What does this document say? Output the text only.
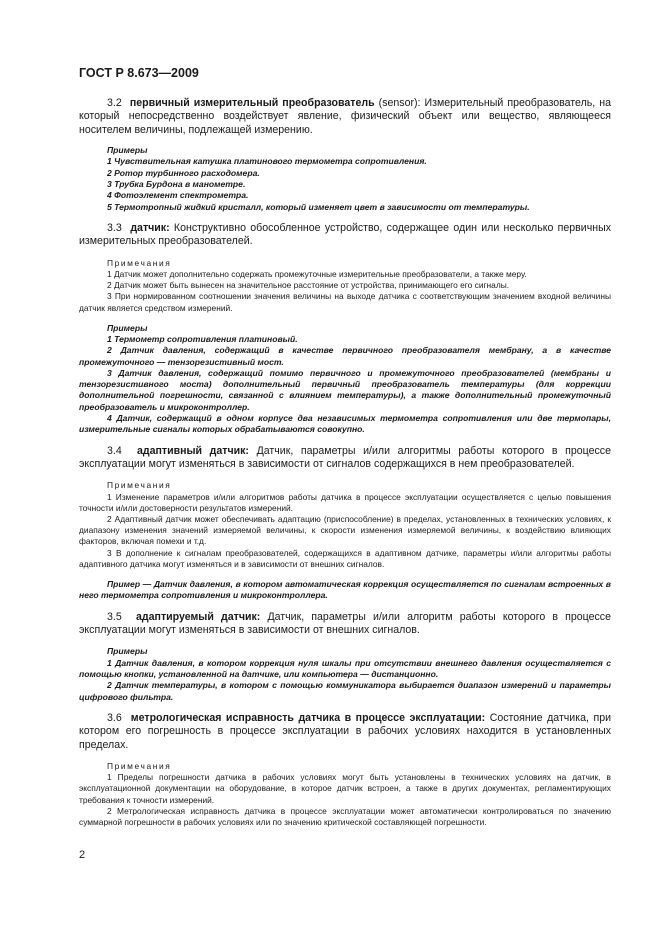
ГОСТ Р 8.673—2009

3.2 первичный измерительный преобразователь (sensor): Измерительный преобразователь, на который непосредственно воздействует явление, физический объект или вещество, являющееся носителем величины, подлежащей измерению.

Примеры

1 Чувствительная катушка платинового термометра сопротивления.

2 Ротор турбинного расходомера.

3 Трубка Бурдона в манометре.

4 Фотоэлемент спектрометра.

5 Термотропный жидкий кристалл, который изменяет цвет в зависимости от температуры.

3.3 датчик: Конструктивно обособленное устройство, содержащее один или несколько первичных измерительных преобразователей.

Примечания

1 Датчик может дополнительно содержать промежуточные измерительные преобразователи, а также меру.

2 Датчик может быть вынесен на значительное расстояние от устройства, принимающего его сигналы.

3 При нормированном соотношении значения величины на выходе датчика с соответствующим значением входной величины датчик является средством измерений.

Примеры

1 Термометр сопротивления платиновый.

2 Датчик давления, содержащий в качестве первичного преобразователя мембрану, а в качестве промежуточного — тензорезистивный мост.

3 Датчик давления, содержащий помимо первичного и промежуточного преобразователей (мембраны и тензорезистивного моста) дополнительный первичный преобразователь температуры (для коррекции дополнительной погрешности, связанной с влиянием температуры), а также дополнительный промежуточный преобразователь и микроконтроллер.

4 Датчик, содержащий в одном корпусе два независимых термометра сопротивления или две термопары, измерительные сигналы которых обрабатываются совокупно.

3.4 адаптивный датчик: Датчик, параметры и/или алгоритмы работы которого в процессе эксплуатации могут изменяться в зависимости от сигналов содержащихся в нем преобразователей.

Примечания

1 Изменение параметров и/или алгоритмов работы датчика в процессе эксплуатации осуществляется с целью повышения точности и/или достоверности результатов измерений.

2 Адаптивный датчик может обеспечивать адаптацию (приспособление) в пределах, установленных в технических условиях, к диапазону изменения значений измеряемой величины, к скорости изменения измеряемой величины, к воздействию влияющих факторов, включая помехи и т.д.

3 В дополнение к сигналам преобразователей, содержащихся в адаптивном датчике, параметры и/или алгоритмы работы адаптивного датчика могут изменяться и в зависимости от внешних сигналов.

Пример — Датчик давления, в котором автоматическая коррекция осуществляется по сигналам встроенных в него термометра сопротивления и микроконтроллера.

3.5 адаптируемый датчик: Датчик, параметры и/или алгоритм работы которого в процессе эксплуатации могут изменяться в зависимости от внешних сигналов.

Примеры

1 Датчик давления, в котором коррекция нуля шкалы при отсутствии внешнего давления осуществляется с помощью кнопки, установленной на датчике, или компьютера — дистанционно.

2 Датчик температуры, в котором с помощью коммуникатора выбирается диапазон измерений и параметры цифрового фильтра.

3.6 метрологическая исправность датчика в процессе эксплуатации: Состояние датчика, при котором его погрешность в процессе эксплуатации в рабочих условиях находится в установленных пределах.

Примечания

1 Пределы погрешности датчика в рабочих условиях могут быть установлены в технических условиях на датчик, в эксплуатационной документации на оборудование, в которое датчик встроен, а также в других документах, регламентирующих требования к точности измерений.

2 Метрологическая исправность датчика в процессе эксплуатации может автоматически контролироваться по значению суммарной погрешности в рабочих условиях или по значению критической составляющей погрешности.

2
